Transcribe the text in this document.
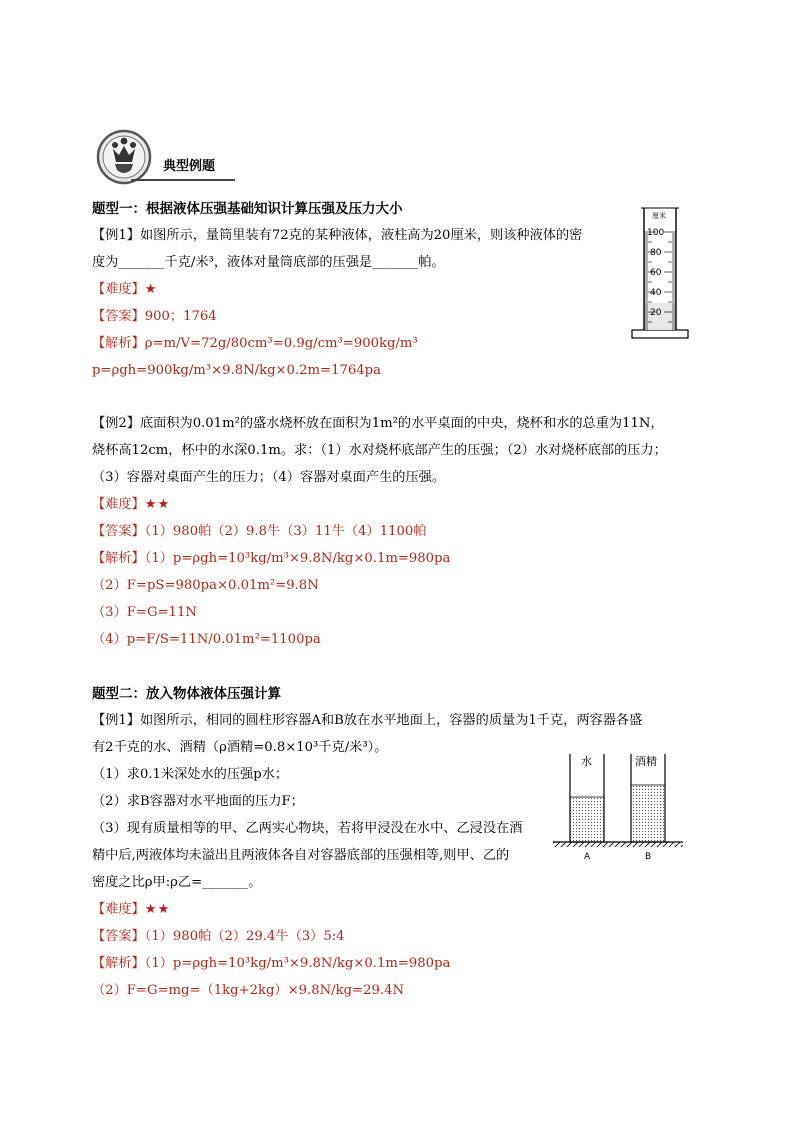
典型例题
题型一：根据液体压强基础知识计算压强及压力大小
【例1】如图所示，量筒里装有72克的某种液体，液柱高为20厘米，则该种液体的密
度为_______千克/米³，液体对量筒底部的压强是_______帕。
【难度】★
【答案】900；1764
【解析】ρ=m/V=72g/80cm³=0.9g/cm³=900kg/m³
p=ρgh=900kg/m³×9.8N/kg×0.2m=1764pa
【例2】底面积为0.01m²的盛水烧杯放在面积为1m²的水平桌面的中央，烧杯和水的总重为11N，
烧杯高12cm，杯中的水深0.1m。求：（1）水对烧杯底部产生的压强；（2）水对烧杯底部的压力；
（3）容器对桌面产生的压力；（4）容器对桌面产生的压强。
【难度】★★
【答案】（1）980帕（2）9.8牛（3）11牛（4）1100帕
【解析】（1）p=ρgh=10³kg/m³×9.8N/kg×0.1m=980pa
（2）F=pS=980pa×0.01m²=9.8N
（3）F=G=11N
（4）p=F/S=11N/0.01m²=1100pa
题型二：放入物体液体压强计算
【例1】如图所示，相同的圆柱形容器A和B放在水平地面上，容器的质量为1千克，两容器各盛
有2千克的水、酒精（ρ酒精=0.8×10³千克/米³）。
（1）求0.1米深处水的压强p水；
（2）求B容器对水平地面的压力F；
（3）现有质量相等的甲、乙两实心物块，若将甲浸没在水中、乙浸没在酒
精中后,两液体均未溢出且两液体各自对容器底部的压强相等,则甲、乙的
密度之比ρ甲:ρ乙=_______。
【难度】★★
【答案】（1）980帕（2）29.4牛（3）5:4
【解析】（1）p=ρgh=10³kg/m³×9.8N/kg×0.1m=980pa
（2）F=G=mg=（1kg+2kg）×9.8N/kg=29.4N
厘米
100
80
60
40
20
水	酒精
A	B
